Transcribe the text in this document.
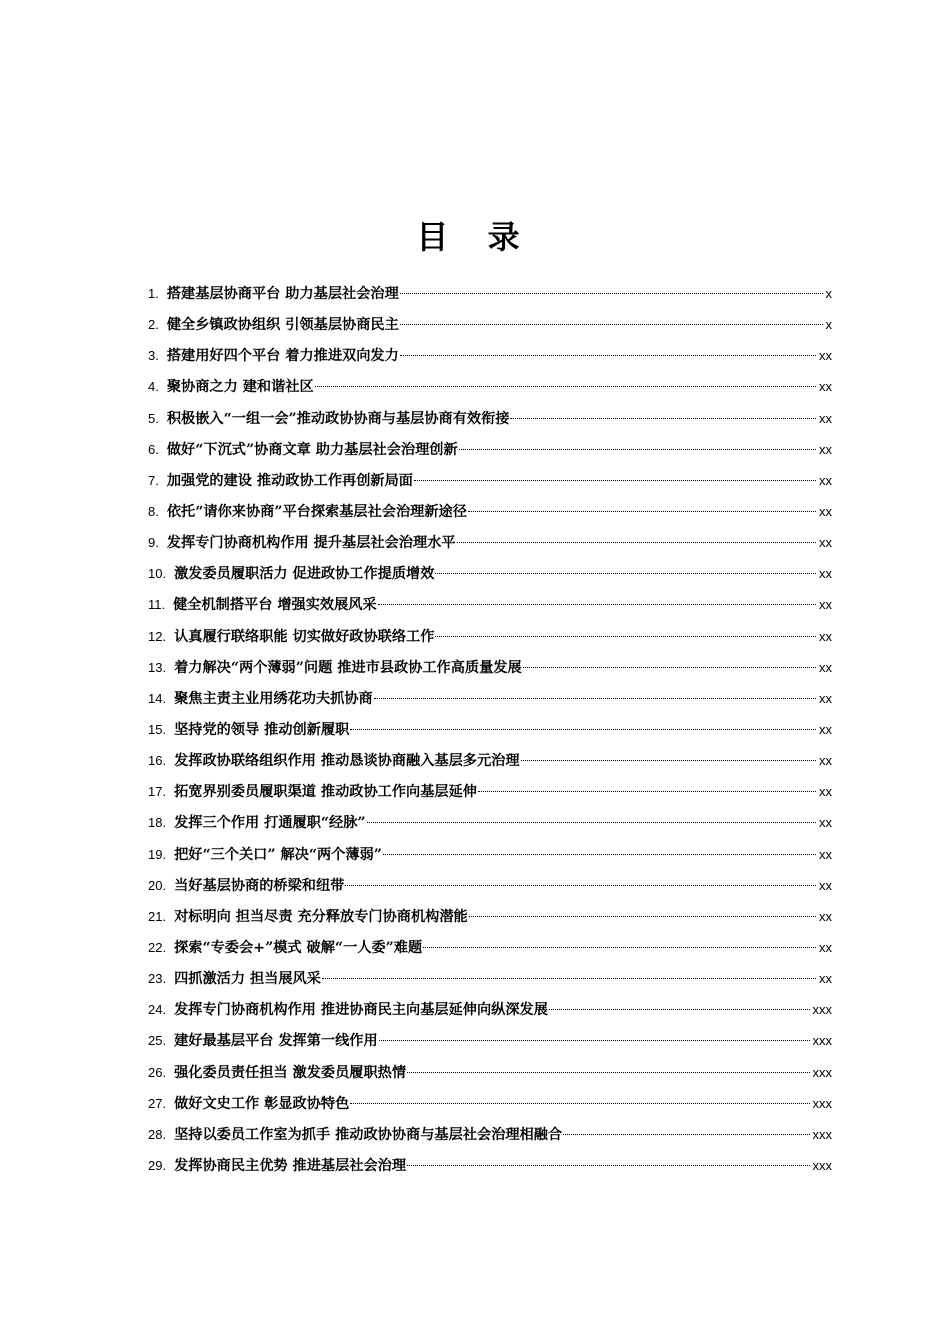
目 录
1. 搭建基层协商平台 助力基层社会治理	x
2. 健全乡镇政协组织 引领基层协商民主	x
3. 搭建用好四个平台 着力推进双向发力	xx
4. 聚协商之力 建和谐社区	xx
5. 积极嵌入“一组一会”推动政协协商与基层协商有效衔接	xx
6. 做好“下沉式”协商文章 助力基层社会治理创新	xx
7. 加强党的建设 推动政协工作再创新局面	xx
8. 依托“请你来协商”平台探索基层社会治理新途径	xx
9. 发挥专门协商机构作用 提升基层社会治理水平	xx
10. 激发委员履职活力 促进政协工作提质增效	xx
11. 健全机制搭平台 增强实效展风采	xx
12. 认真履行联络职能 切实做好政协联络工作	xx
13. 着力解决“两个薄弱”问题 推进市县政协工作高质量发展	xx
14. 聚焦主责主业用绣花功夫抓协商	xx
15. 坚持党的领导 推动创新履职	xx
16. 发挥政协联络组织作用 推动恳谈协商融入基层多元治理	xx
17. 拓宽界别委员履职渠道 推动政协工作向基层延伸	xx
18. 发挥三个作用 打通履职“经脉”	xx
19. 把好“三个关口” 解决“两个薄弱”	xx
20. 当好基层协商的桥梁和纽带	xx
21. 对标明向 担当尽责 充分释放专门协商机构潜能	xx
22. 探索“专委会+”模式 破解“一人委”难题	xx
23. 四抓激活力 担当展风采	xx
24. 发挥专门协商机构作用 推进协商民主向基层延伸向纵深发展	xxx
25. 建好最基层平台 发挥第一线作用	xxx
26. 强化委员责任担当 激发委员履职热情	xxx
27. 做好文史工作 彰显政协特色	xxx
28. 坚持以委员工作室为抓手 推动政协协商与基层社会治理相融合	xxx
29. 发挥协商民主优势 推进基层社会治理	xxx
